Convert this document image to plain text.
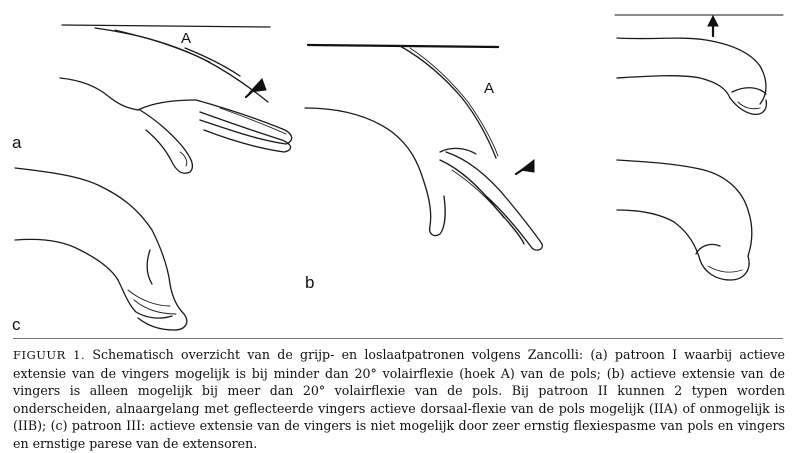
A
a
c
A
b
FIGUUR 1. Schematisch overzicht van de grijp- en loslaatpatronen volgens Zancolli: (a) patroon I waarbij actieve extensie van de vingers mogelijk is bij minder dan 20° volairflexie (hoek A) van de pols; (b) actieve extensie van de vingers is alleen mogelijk bij meer dan 20° volairflexie van de pols. Bij patroon II kunnen 2 typen worden onderscheiden, alnaargelang met geflecteerde vingers actieve dorsaal-flexie van de pols mogelijk (IIA) of onmogelijk is (IIB); (c) patroon III: actieve extensie van de vingers is niet mogelijk door zeer ernstig flexiespasme van pols en vingers en ernstige parese van de extensoren.
